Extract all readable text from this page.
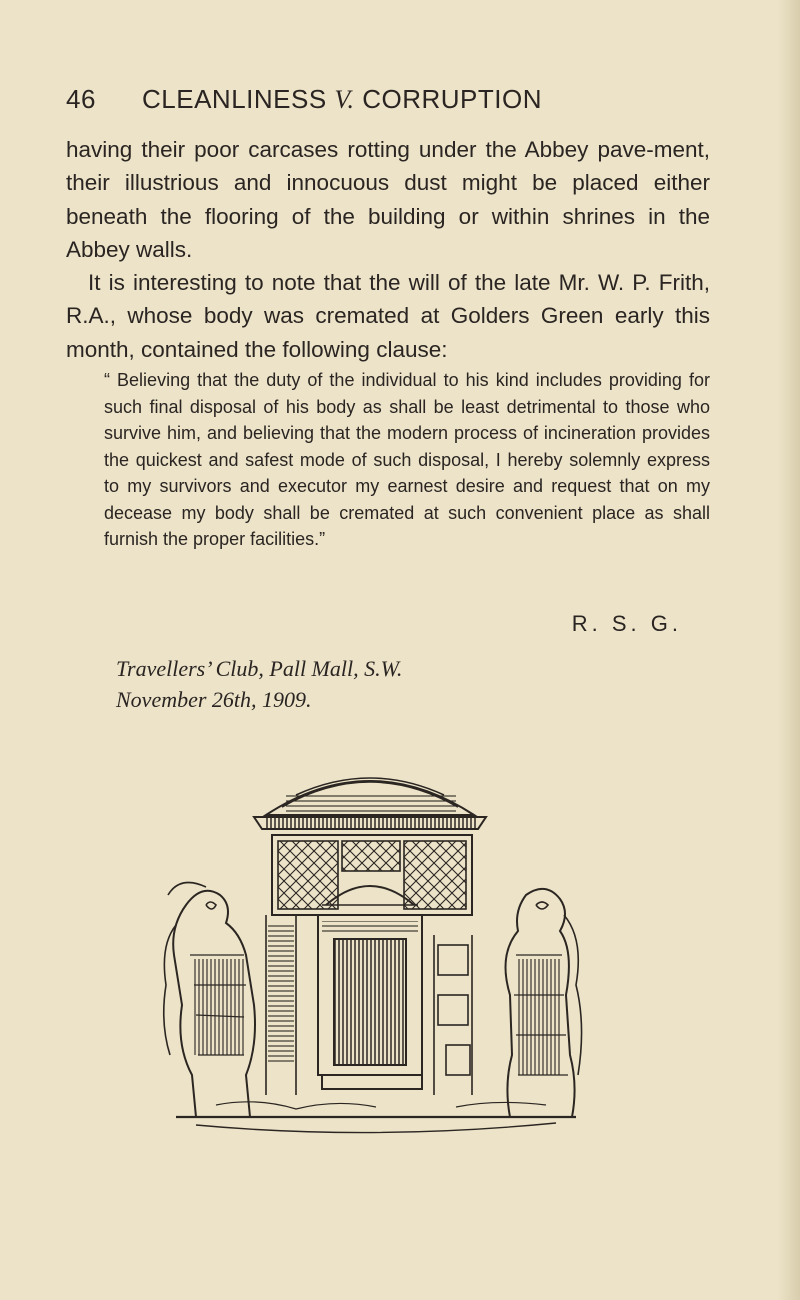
46 CLEANLINESS V. CORRUPTION

having their poor carcases rotting under the Abbey pave-ment, their illustrious and innocuous dust might be placed either beneath the flooring of the building or within shrines in the Abbey walls.

It is interesting to note that the will of the late Mr. W. P. Frith, R.A., whose body was cremated at Golders Green early this month, contained the following clause:

“ Believing that the duty of the individual to his kind includes providing for such final disposal of his body as shall be least detrimental to those who survive him, and believing that the modern process of incineration provides the quickest and safest mode of such disposal, I hereby solemnly express to my survivors and executor my earnest desire and request that on my decease my body shall be cremated at such convenient place as shall furnish the proper facilities.”

R. S. G.
Travellers’ Club, Pall Mall, S.W.
November 26th, 1909.
